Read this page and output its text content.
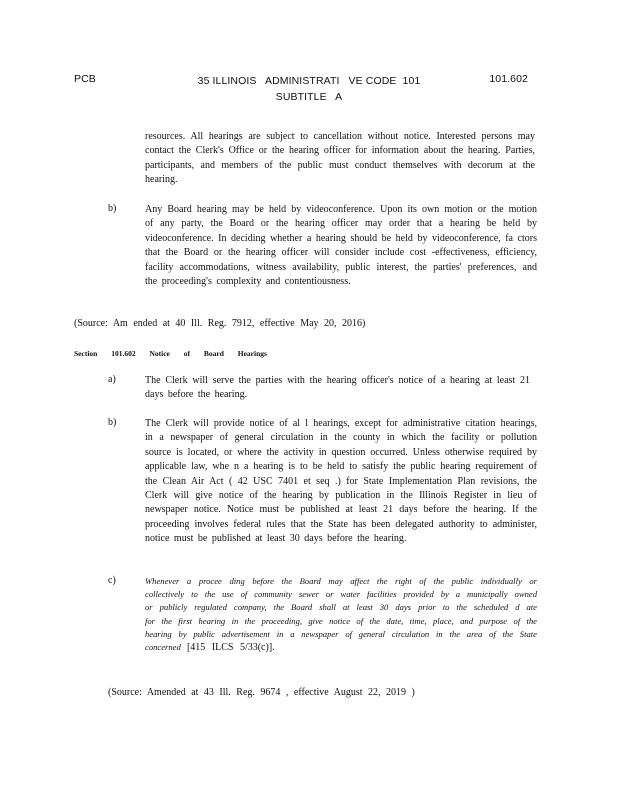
PCB	35 ILLINOIS   ADMINISTRATI   VE CODE  101
SUBTITLE   A
101.602
resources. All hearings are subject to cancellation without notice. Interested persons may contact the Clerk's Office or the hearing officer for information about the hearing. Parties, participants, and members of the public must conduct themselves with decorum at the hearing.
b)	Any Board hearing may be held by videoconference. Upon its own motion or the motion of any party, the Board or the hearing officer may order that a hearing be held by videoconference. In deciding whether a hearing should be held by videoconference, fa ctors that the Board or the hearing officer will consider include cost -effectiveness, efficiency, facility accommodations, witness availability, public interest, the parties' preferences, and the proceeding's complexity and contentiousness.
(Source: Am ended at 40 Ill. Reg. 7912, effective May 20, 2016)
Section 101.602 Notice of Board Hearings
a)	The Clerk will serve the parties with the hearing officer's notice of a hearing at least 21 days before the hearing.
b)	The Clerk will provide notice of al l hearings, except for administrative citation hearings, in a newspaper of general circulation in the county in which the facility or pollution source is located, or where the activity in question occurred. Unless otherwise required by applicable law, whe n a hearing is to be held to satisfy the public hearing requirement of the Clean Air Act ( 42 USC 7401 et seq .) for State Implementation Plan revisions, the Clerk will give notice of the hearing by publication in the Illinois Register in lieu of newspaper notice. Notice must be published at least 21 days before the hearing. If the proceeding involves federal rules that the State has been delegated authority to administer, notice must be published at least 30 days before the hearing.
c)	Whenever a procee ding before the Board may affect the right of the public individually or collectively to the use of community sewer or water facilities provided by a municipally owned or publicly regulated company, the Board shall at least 30 days prior to the scheduled d ate for the first hearing in the proceeding, give notice of the date, time, place, and purpose of the hearing by public advertisement in a newspaper of general circulation in the area of the State concerned [415 ILCS 5/33(c)].
(Source: Amended at 43 Ill. Reg. 9674 , effective August 22, 2019 )
